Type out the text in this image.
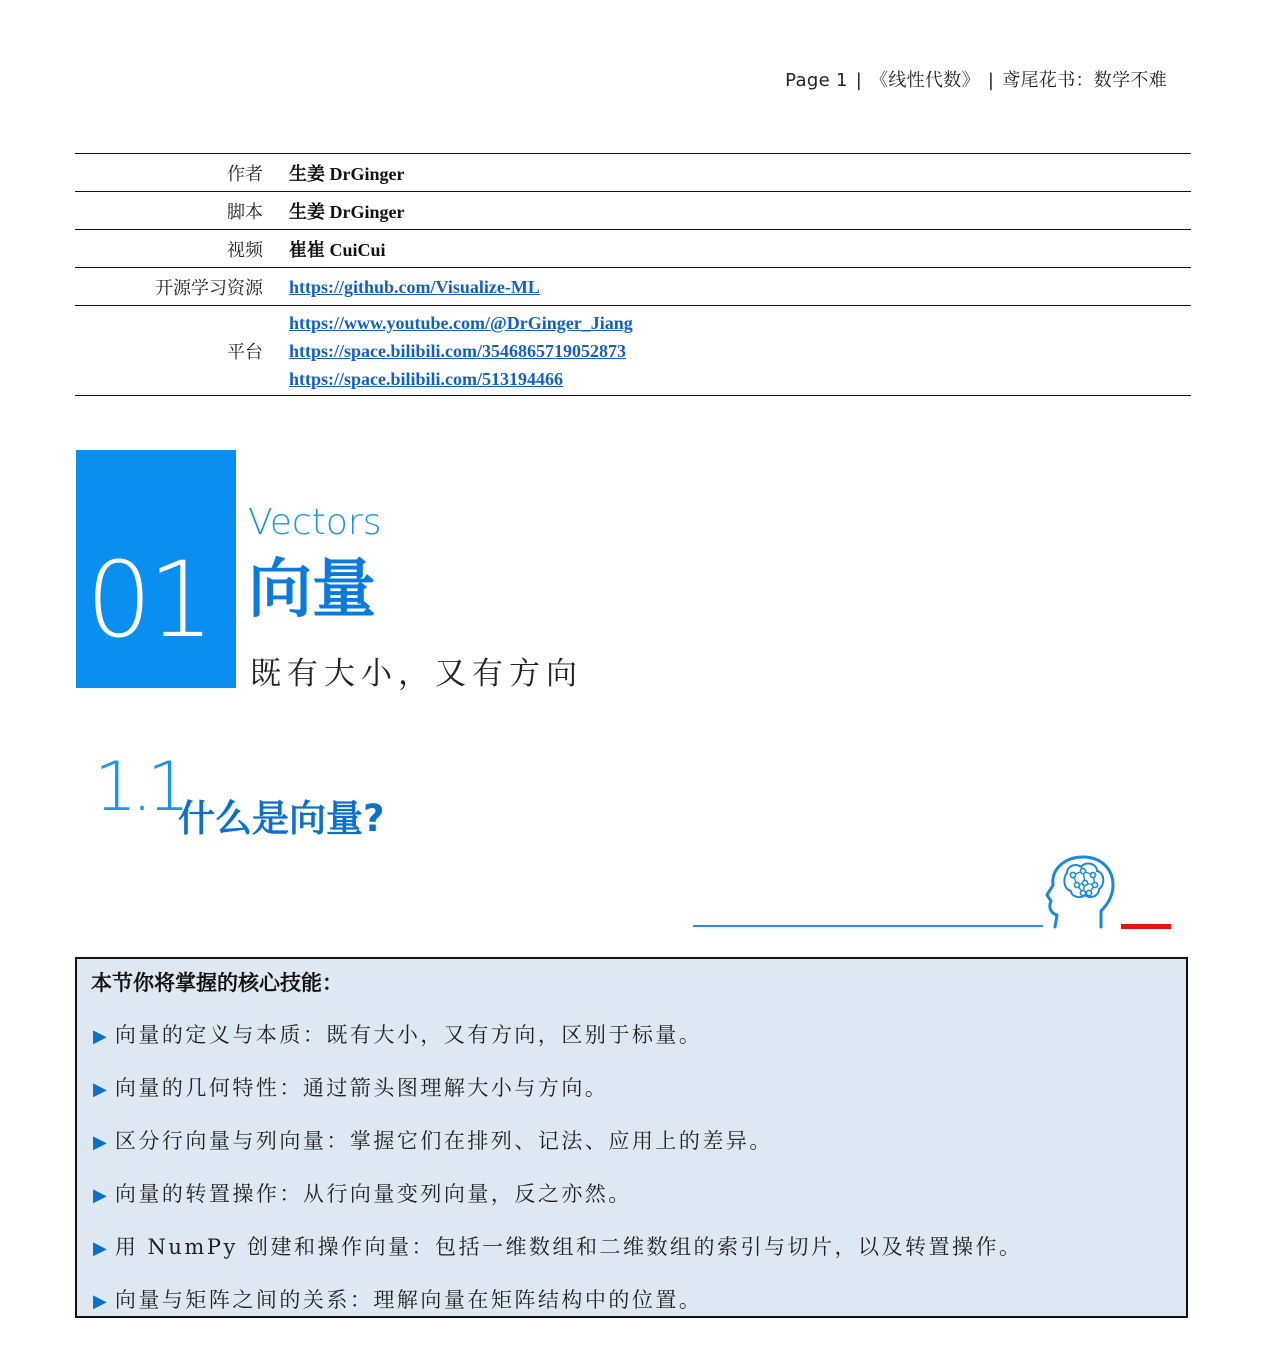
Page 1 | 《线性代数》 | 鸢尾花书：数学不难
作者	生姜 DrGinger
脚本	生姜 DrGinger
视频	崔崔 CuiCui
开源学习资源	https://github.com/Visualize-ML

平台	https://www.youtube.com/@DrGinger_Jiang
https://space.bilibili.com/3546865719052873
https://space.bilibili.com/513194466
01
Vectors
向量
既有大小，又有方向
1.1
什么是向量?
本节你将掌握的核心技能：
▶ 向量的定义与本质：既有大小，又有方向，区别于标量。
▶ 向量的几何特性：通过箭头图理解大小与方向。
▶ 区分行向量与列向量：掌握它们在排列、记法、应用上的差异。
▶ 向量的转置操作：从行向量变列向量，反之亦然。
▶ 用 NumPy 创建和操作向量：包括一维数组和二维数组的索引与切片，以及转置操作。
▶ 向量与矩阵之间的关系：理解向量在矩阵结构中的位置。
